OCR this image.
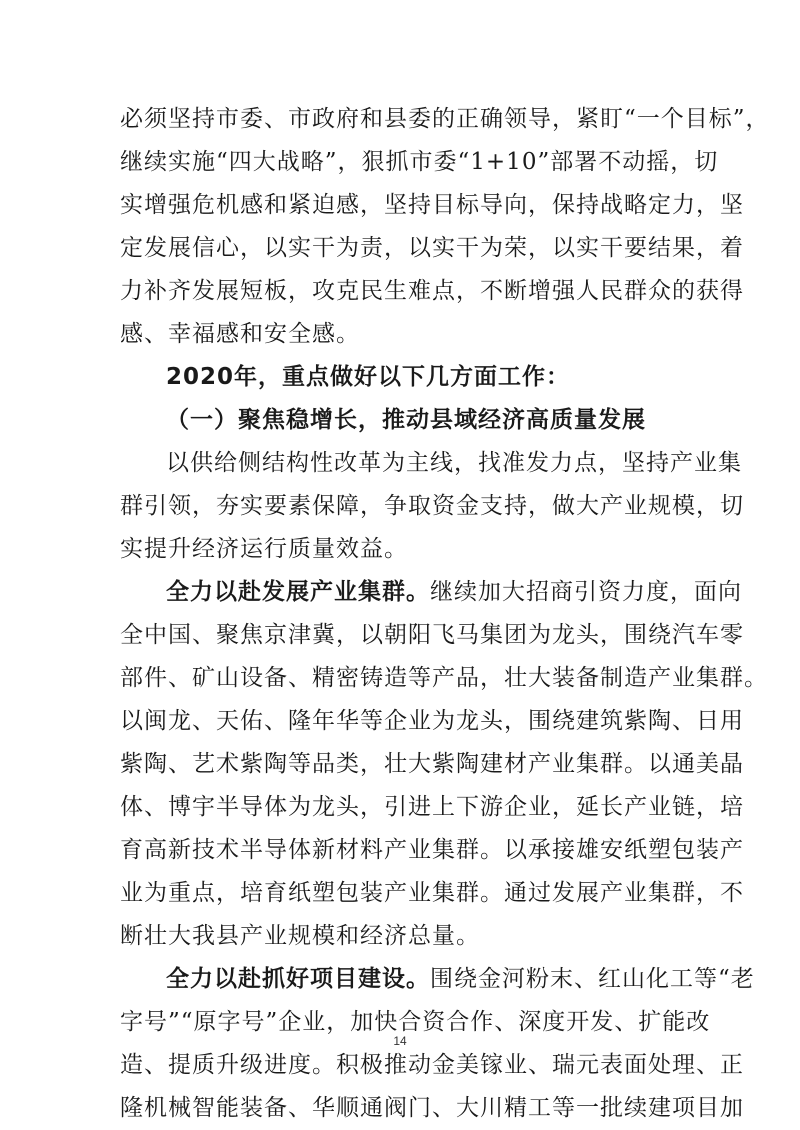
必须坚持市委、市政府和县委的正确领导，紧盯“一个目标”，
继续实施“四大战略”，狠抓市委“1+10”部署不动摇，切
实增强危机感和紧迫感，坚持目标导向，保持战略定力，坚
定发展信心，以实干为责，以实干为荣，以实干要结果，着
力补齐发展短板，攻克民生难点，不断增强人民群众的获得
感、幸福感和安全感。
2020年，重点做好以下几方面工作：
（一）聚焦稳增长，推动县域经济高质量发展
以供给侧结构性改革为主线，找准发力点，坚持产业集
群引领，夯实要素保障，争取资金支持，做大产业规模，切
实提升经济运行质量效益。
全力以赴发展产业集群。继续加大招商引资力度，面向
全中国、聚焦京津冀，以朝阳飞马集团为龙头，围绕汽车零
部件、矿山设备、精密铸造等产品，壮大装备制造产业集群。
以闽龙、天佑、隆年华等企业为龙头，围绕建筑紫陶、日用
紫陶、艺术紫陶等品类，壮大紫陶建材产业集群。以通美晶
体、博宇半导体为龙头，引进上下游企业，延长产业链，培
育高新技术半导体新材料产业集群。以承接雄安纸塑包装产
业为重点，培育纸塑包装产业集群。通过发展产业集群，不
断壮大我县产业规模和经济总量。
全力以赴抓好项目建设。围绕金河粉末、红山化工等“老
字号”“原字号”企业，加快合资合作、深度开发、扩能改
造、提质升级进度。积极推动金美镓业、瑞元表面处理、正
隆机械智能装备、华顺通阀门、大川精工等一批续建项目加
14
